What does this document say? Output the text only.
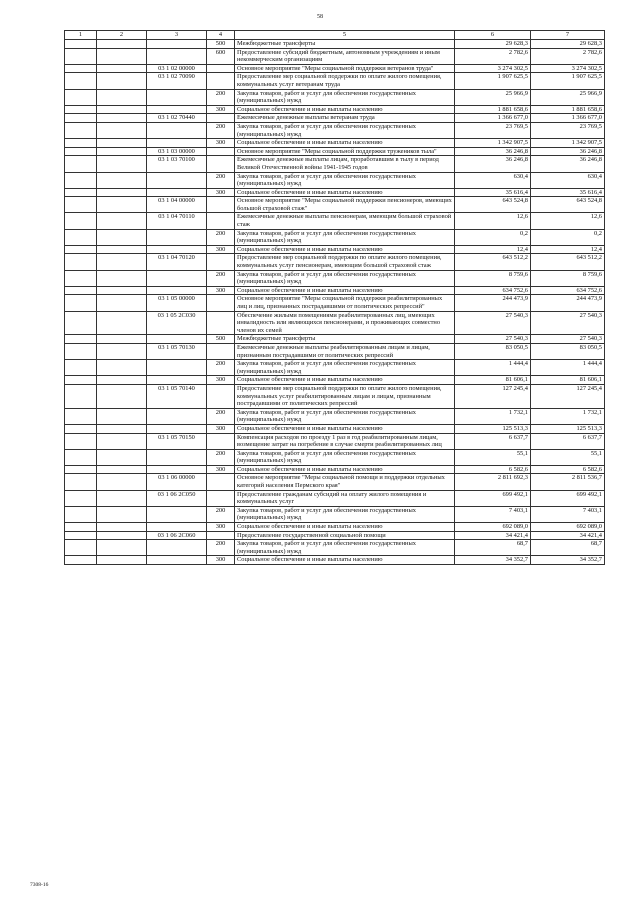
58
1	2	3	4	5	6	7
			500	Межбюджетные трансферты	29 628,3	29 628,3
			600	Предоставление субсидий бюджетным, автономным учреждениям и иным некоммерческим организациям	2 782,6	2 782,6
		03 1 02 00000		Основное мероприятие "Меры социальной поддержки ветеранов труда"	3 274 302,5	3 274 302,5
		03 1 02 70090		Предоставление мер социальной поддержки по оплате жилого помещения, коммунальных услуг ветеранам труда	1 907 625,5	1 907 625,5
			200	Закупка товаров, работ и услуг для обеспечения государственных (муниципальных) нужд	25 966,9	25 966,9
			300	Социальное обеспечение и иные выплаты населению	1 881 658,6	1 881 658,6
		03 1 02 70440		Ежемесячные денежные выплаты ветеранам труда	1 366 677,0	1 366 677,0
			200	Закупка товаров, работ и услуг для обеспечения государственных (муниципальных) нужд	23 769,5	23 769,5
			300	Социальное обеспечение и иные выплаты населению	1 342 907,5	1 342 907,5
		03 1 03 00000		Основное мероприятие "Меры социальной поддержки тружеников тыла"	36 246,8	36 246,8
		03 1 03 70100		Ежемесячные денежные выплаты лицам, проработавшим в тылу в период Великой Отечественной войны 1941-1945 годов	36 246,8	36 246,8
			200	Закупка товаров, работ и услуг для обеспечения государственных (муниципальных) нужд	630,4	630,4
			300	Социальное обеспечение и иные выплаты населению	35 616,4	35 616,4
		03 1 04 00000		Основное мероприятие "Меры социальной поддержки пенсионеров, имеющих большой страховой стаж"	643 524,8	643 524,8
		03 1 04 70110		Ежемесячные денежные выплаты пенсионерам, имеющим большой страховой стаж	12,6	12,6
			200	Закупка товаров, работ и услуг для обеспечения государственных (муниципальных) нужд	0,2	0,2
			300	Социальное обеспечение и иные выплаты населению	12,4	12,4
		03 1 04 70120		Предоставление мер социальной поддержки по оплате жилого помещения, коммунальных услуг пенсионерам, имеющим большой страховой стаж	643 512,2	643 512,2
			200	Закупка товаров, работ и услуг для обеспечения государственных (муниципальных) нужд	8 759,6	8 759,6
			300	Социальное обеспечение и иные выплаты населению	634 752,6	634 752,6
		03 1 05 00000		Основное мероприятие "Меры социальной поддержки реабилитированных лиц и лиц, признанных пострадавшими от политических репрессий"	244 473,9	244 473,9
		03 1 05 2C030		Обеспечение жилыми помещениями реабилитированных лиц, имеющих инвалидность или являющихся пенсионерами, и проживающих совместно членов их семей	27 540,3	27 540,3
			500	Межбюджетные трансферты	27 540,3	27 540,3
		03 1 05 70130		Ежемесячные денежные выплаты реабилитированным лицам и лицам, признанным пострадавшими от политических репрессий	83 050,5	83 050,5
			200	Закупка товаров, работ и услуг для обеспечения государственных (муниципальных) нужд	1 444,4	1 444,4
			300	Социальное обеспечение и иные выплаты населению	81 606,1	81 606,1
		03 1 05 70140		Предоставление мер социальной поддержки по оплате жилого помещения, коммунальных услуг реабилитированным лицам и лицам, признанным пострадавшими от политических репрессий	127 245,4	127 245,4
			200	Закупка товаров, работ и услуг для обеспечения государственных (муниципальных) нужд	1 732,1	1 732,1
			300	Социальное обеспечение и иные выплаты населению	125 513,3	125 513,3
		03 1 05 70150		Компенсация расходов по проезду 1 раз в год реабилитированным лицам, возмещение затрат на погребение в случае смерти реабилитированных лиц	6 637,7	6 637,7
			200	Закупка товаров, работ и услуг для обеспечения государственных (муниципальных) нужд	55,1	55,1
			300	Социальное обеспечение и иные выплаты населению	6 582,6	6 582,6
		03 1 06 00000		Основное мероприятие "Меры социальной помощи и поддержки отдельных категорий населения Пермского края"	2 811 692,3	2 811 536,7
		03 1 06 2C050		Предоставление гражданам субсидий на оплату жилого помещения и коммунальных услуг	699 492,1	699 492,1
			200	Закупка товаров, работ и услуг для обеспечения государственных (муниципальных) нужд	7 403,1	7 403,1
			300	Социальное обеспечение и иные выплаты населению	692 089,0	692 089,0
		03 1 06 2C060		Предоставление государственной социальной помощи	34 421,4	34 421,4
			200	Закупка товаров, работ и услуг для обеспечения государственных (муниципальных) нужд	68,7	68,7
			300	Социальное обеспечение и иные выплаты населению	34 352,7	34 352,7
7308-16
